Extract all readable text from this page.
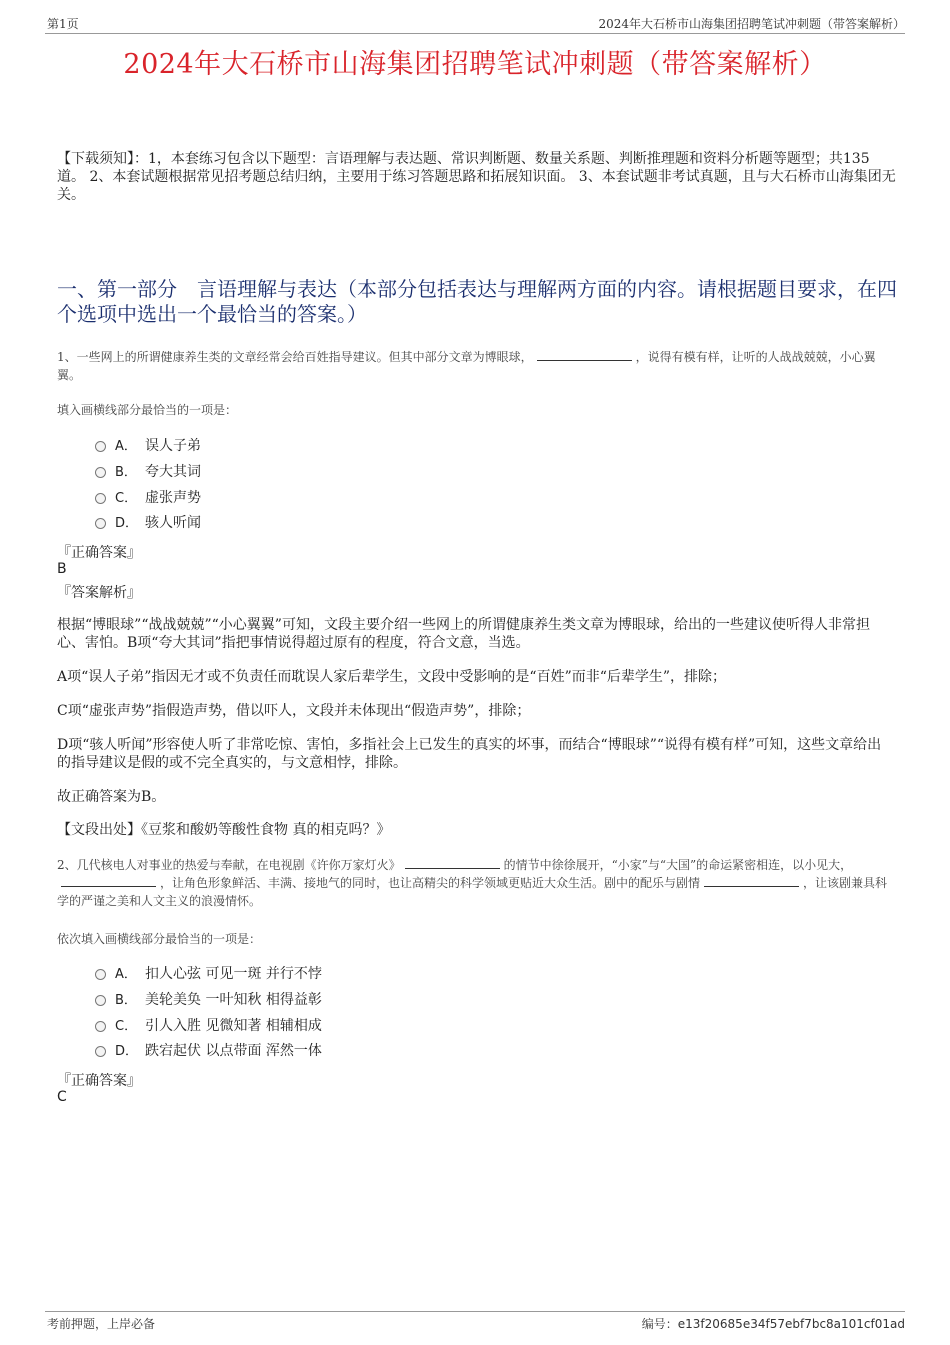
第1页	2024年大石桥市山海集团招聘笔试冲刺题（带答案解析）
2024年大石桥市山海集团招聘笔试冲刺题（带答案解析）
【下载须知】：1，本套练习包含以下题型：言语理解与表达题、常识判断题、数量关系题、判断推理题和资料分析题等题型；共135道。 2、本套试题根据常见招考题总结归纳，主要用于练习答题思路和拓展知识面。 3、本套试题非考试真题，且与大石桥市山海集团无关。
一、第一部分　言语理解与表达（本部分包括表达与理解两方面的内容。请根据题目要求，在四个选项中选出一个最恰当的答案。）
1、一些网上的所谓健康养生类的文章经常会给百姓指导建议。但其中部分文章为博眼球，	，说得有模有样，让听的人战战兢兢，小心翼翼。
填入画横线部分最恰当的一项是：
A． 误人子弟
B． 夸大其词
C． 虚张声势
D． 骇人听闻
『正确答案』
B
『答案解析』
根据“博眼球”“战战兢兢”“小心翼翼”可知，文段主要介绍一些网上的所谓健康养生类文章为博眼球，给出的一些建议使听得人非常担心、害怕。B项“夸大其词”指把事情说得超过原有的程度，符合文意，当选。
A项“误人子弟”指因无才或不负责任而耽误人家后辈学生，文段中受影响的是“百姓”而非“后辈学生”，排除；
C项“虚张声势”指假造声势，借以吓人，文段并未体现出“假造声势”，排除；
D项“骇人听闻”形容使人听了非常吃惊、害怕，多指社会上已发生的真实的坏事，而结合“博眼球”“说得有模有样”可知，这些文章给出的指导建议是假的或不完全真实的，与文意相悖，排除。
故正确答案为B。
【文段出处】《豆浆和酸奶等酸性食物 真的相克吗？》
2、几代核电人对事业的热爱与奉献，在电视剧《许你万家灯火》	的情节中徐徐展开，“小家”与“大国”的命运紧密相连，以小见大，，让角色形象鲜活、丰满、接地气的同时，也让高精尖的科学领域更贴近大众生活。剧中的配乐与剧情	，让该剧兼具科学的严谨之美和人文主义的浪漫情怀。
依次填入画横线部分最恰当的一项是：
A． 扣人心弦 可见一斑 并行不悖
B． 美轮美奂 一叶知秋 相得益彰
C． 引人入胜 见微知著 相辅相成
D． 跌宕起伏 以点带面 浑然一体
『正确答案』
C
考前押题，上岸必备	编号：e13f20685e34f57ebf7bc8a101cf01ad
